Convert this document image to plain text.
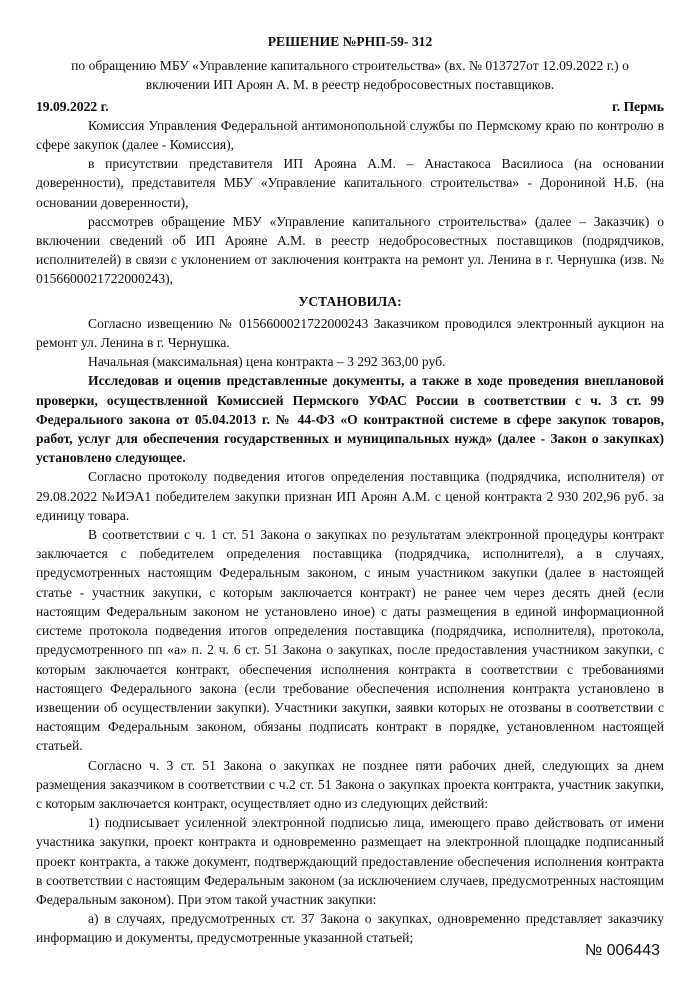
РЕШЕНИЕ №РНП-59- 312
по обращению МБУ «Управление капитального строительства» (вх. № 013727от 12.09.2022 г.) о включении ИП Ароян А. М. в реестр недобросовестных поставщиков.
19.09.2022 г.	г. Пермь

Комиссия Управления Федеральной антимонопольной службы по Пермскому краю по контролю в сфере закупок (далее - Комиссия),

в присутствии представителя ИП Арояна А.М. – Анастакоса Василиоса (на основании доверенности), представителя МБУ «Управление капитального строительства» - Дорониной Н.Б. (на основании доверенности),

рассмотрев обращение МБУ «Управление капитального строительства» (далее – Заказчик) о включении сведений об ИП Арояне А.М. в реестр недобросовестных поставщиков (подрядчиков, исполнителей) в связи с уклонением от заключения контракта на ремонт ул. Ленина в г. Чернушка (изв. № 0156600021722000243),

УСТАНОВИЛА:

Согласно извещению № 0156600021722000243 Заказчиком проводился электронный аукцион на ремонт ул. Ленина в г. Чернушка.

Начальная (максимальная) цена контракта – 3 292 363,00 руб.

Исследовав и оценив представленные документы, а также в ходе проведения внеплановой проверки, осуществленной Комиссией Пермского УФАС России в соответствии с ч. 3 ст. 99 Федерального закона от 05.04.2013 г. № 44-ФЗ «О контрактной системе в сфере закупок товаров, работ, услуг для обеспечения государственных и муниципальных нужд» (далее - Закон о закупках) установлено следующее.

Согласно протоколу подведения итогов определения поставщика (подрядчика, исполнителя) от 29.08.2022 №ИЭА1 победителем закупки признан ИП Ароян А.М. с ценой контракта 2 930 202,96 руб. за единицу товара.

В соответствии с ч. 1 ст. 51 Закона о закупках по результатам электронной процедуры контракт заключается с победителем определения поставщика (подрядчика, исполнителя), а в случаях, предусмотренных настоящим Федеральным законом, с иным участником закупки (далее в настоящей статье - участник закупки, с которым заключается контракт) не ранее чем через десять дней (если настоящим Федеральным законом не установлено иное) с даты размещения в единой информационной системе протокола подведения итогов определения поставщика (подрядчика, исполнителя), протокола, предусмотренного пп «а» п. 2 ч. 6 ст. 51 Закона о закупках, после предоставления участником закупки, с которым заключается контракт, обеспечения исполнения контракта в соответствии с требованиями настоящего Федерального закона (если требование обеспечения исполнения контракта установлено в извещении об осуществлении закупки). Участники закупки, заявки которых не отозваны в соответствии с настоящим Федеральным законом, обязаны подписать контракт в порядке, установленном настоящей статьей.

Согласно ч. 3 ст. 51 Закона о закупках не позднее пяти рабочих дней, следующих за днем размещения заказчиком в соответствии с ч.2 ст. 51 Закона о закупках проекта контракта, участник закупки, с которым заключается контракт, осуществляет одно из следующих действий:

1) подписывает усиленной электронной подписью лица, имеющего право действовать от имени участника закупки, проект контракта и одновременно размещает на электронной площадке подписанный проект контракта, а также документ, подтверждающий предоставление обеспечения исполнения контракта в соответствии с настоящим Федеральным законом (за исключением случаев, предусмотренных настоящим Федеральным законом). При этом такой участник закупки:

а) в случаях, предусмотренных ст. 37 Закона о закупках, одновременно представляет заказчику информацию и документы, предусмотренные указанной статьей;

№ 006443
